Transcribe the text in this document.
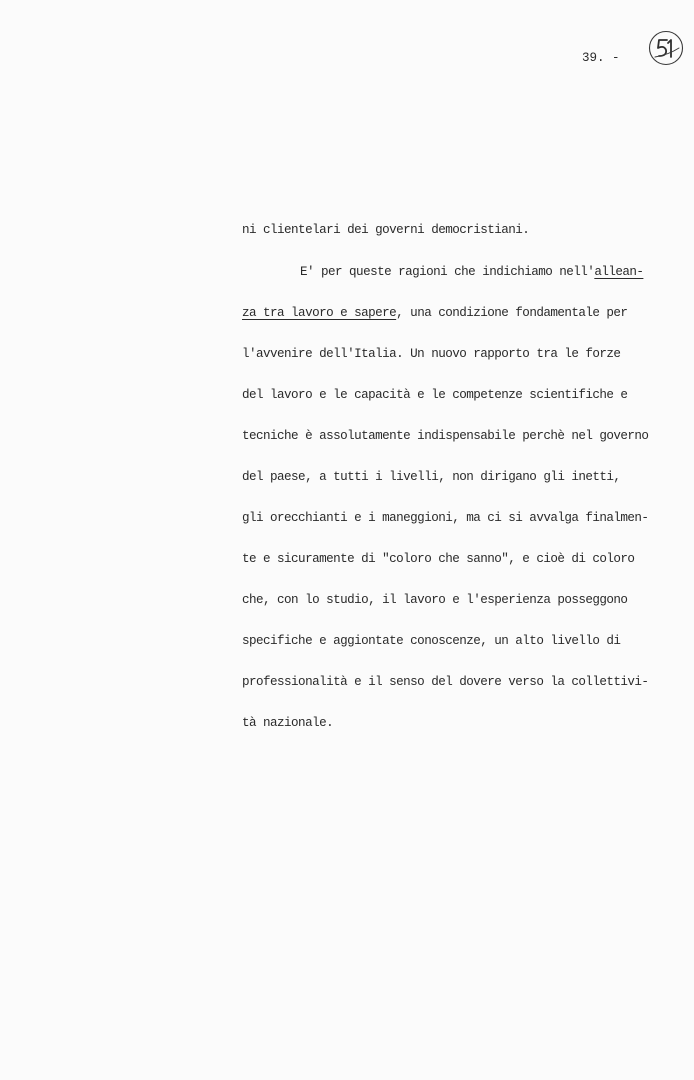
39. -
ni clientelari dei governi democristiani.
E' per queste ragioni che indichiamo nell'allean-
za tra lavoro e sapere, una condizione fondamentale per
l'avvenire dell'Italia. Un nuovo rapporto tra le forze
del lavoro e le capacità e le competenze scientifiche e
tecniche è assolutamente indispensabile perchè nel governo
del paese, a tutti i livelli, non dirigano gli inetti,
gli orecchianti e i maneggioni, ma ci si avvalga finalmen-
te e sicuramente di "coloro che sanno", e cioè di coloro
che, con lo studio, il lavoro e l'esperienza posseggono
specifiche e aggiontate conoscenze, un alto livello di
professionalità e il senso del dovere verso la collettivi-
tà nazionale.
